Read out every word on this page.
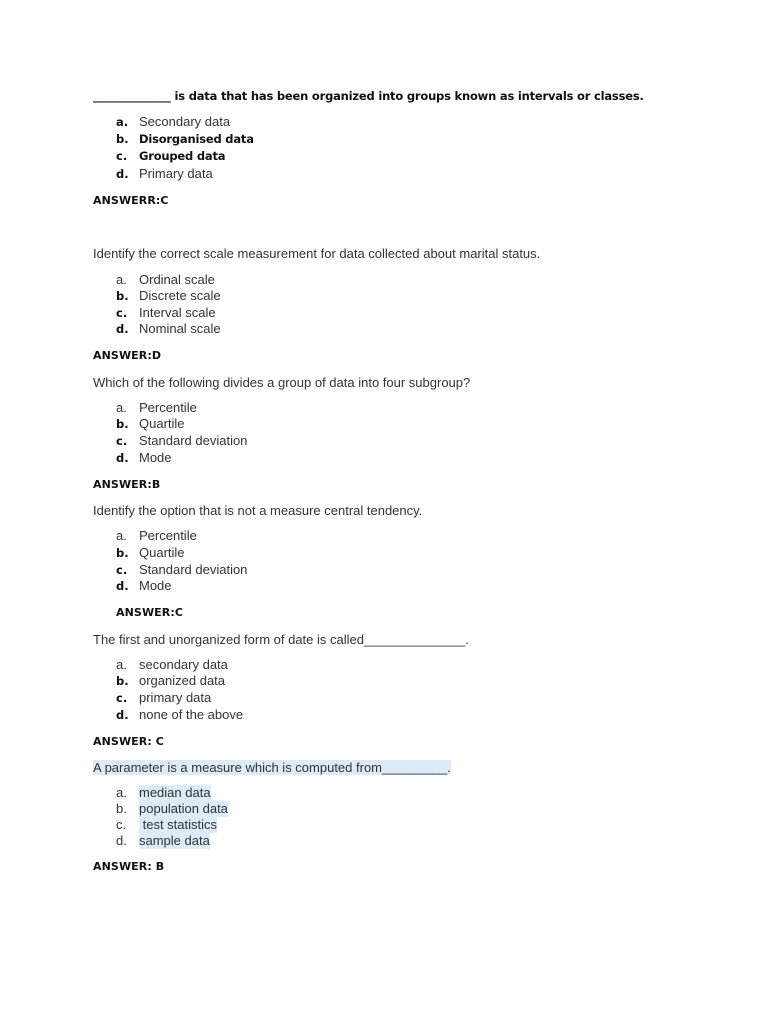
______________ is data that has been organized into groups known as intervals or classes.
a. Secondary data
b. Disorganised data
c.	Grouped data
d. Primary data
ANSWERR:C
Identify the correct scale measurement for data collected about marital status.
a. Ordinal scale
b. Discrete scale
c. Interval scale
d. Nominal scale
ANSWER:D
Which of the following divides a group of data into four subgroup?
a. Percentile
b. Quartile
c. Standard deviation
d. Mode
ANSWER:B
Identify the option that is not a measure central tendency.
a. Percentile
b. Quartile
c. Standard deviation
d. Mode
ANSWER:C
The first and unorganized form of date is called______________.
a. secondary data
b. organized data
c. primary data
d. none of the above
ANSWER: C
A parameter is a measure which is computed from_________.
a. median data
b. population data
c. test statistics
d. sample data
ANSWER: B
